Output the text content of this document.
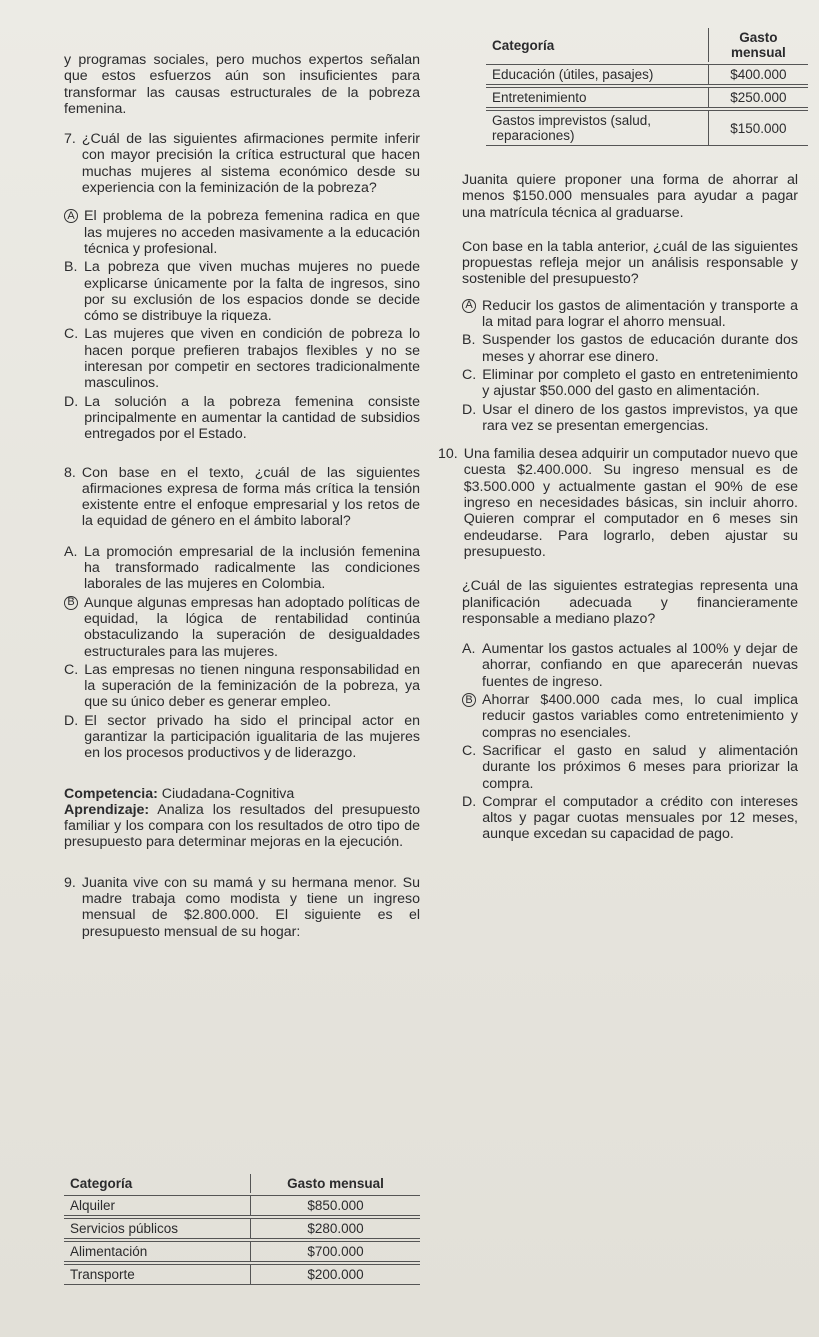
y programas sociales, pero muchos expertos señalan que estos esfuerzos aún son insuficientes para transformar las causas estructurales de la pobreza femenina.

7. ¿Cuál de las siguientes afirmaciones permite inferir con mayor precisión la crítica estructural que hacen muchas mujeres al sistema económico desde su experiencia con la feminización de la pobreza?

A El problema de la pobreza femenina radica en que las mujeres no acceden masivamente a la educación técnica y profesional.
B. La pobreza que viven muchas mujeres no puede explicarse únicamente por la falta de ingresos, sino por su exclusión de los espacios donde se decide cómo se distribuye la riqueza.
C. Las mujeres que viven en condición de pobreza lo hacen porque prefieren trabajos flexibles y no se interesan por competir en sectores tradicionalmente masculinos.
D. La solución a la pobreza femenina consiste principalmente en aumentar la cantidad de subsidios entregados por el Estado.
8. Con base en el texto, ¿cuál de las siguientes afirmaciones expresa de forma más crítica la tensión existente entre el enfoque empresarial y los retos de la equidad de género en el ámbito laboral?

A. La promoción empresarial de la inclusión femenina ha transformado radicalmente las condiciones laborales de las mujeres en Colombia.
B Aunque algunas empresas han adoptado políticas de equidad, la lógica de rentabilidad continúa obstaculizando la superación de desigualdades estructurales para las mujeres.
C. Las empresas no tienen ninguna responsabilidad en la superación de la feminización de la pobreza, ya que su único deber es generar empleo.
D. El sector privado ha sido el principal actor en garantizar la participación igualitaria de las mujeres en los procesos productivos y de liderazgo.

Competencia: Ciudadana-Cognitiva

Aprendizaje: Analiza los resultados del presupuesto familiar y los compara con los resultados de otro tipo de presupuesto para determinar mejoras en la ejecución.

9. Juanita vive con su mamá y su hermana menor. Su madre trabaja como modista y tiene un ingreso mensual de $2.800.000. El siguiente es el presupuesto mensual de su hogar:

Categoría	Gasto mensual
Alquiler	$850.000
Servicios públicos	$280.000
Alimentación	$700.000
Transporte	$200.000
Categoría	Gasto mensual
Educación (útiles, pasajes)	$400.000
Entretenimiento	$250.000
Gastos imprevistos (salud, reparaciones)	$150.000

Juanita quiere proponer una forma de ahorrar al menos $150.000 mensuales para ayudar a pagar una matrícula técnica al graduarse.

Con base en la tabla anterior, ¿cuál de las siguientes propuestas refleja mejor un análisis responsable y sostenible del presupuesto?

A Reducir los gastos de alimentación y transporte a la mitad para lograr el ahorro mensual.
B. Suspender los gastos de educación durante dos meses y ahorrar ese dinero.
C. Eliminar por completo el gasto en entretenimiento y ajustar $50.000 del gasto en alimentación.
D. Usar el dinero de los gastos imprevistos, ya que rara vez se presentan emergencias.
10. Una familia desea adquirir un computador nuevo que cuesta $2.400.000. Su ingreso mensual es de $3.500.000 y actualmente gastan el 90% de ese ingreso en necesidades básicas, sin incluir ahorro. Quieren comprar el computador en 6 meses sin endeudarse. Para lograrlo, deben ajustar su presupuesto.

¿Cuál de las siguientes estrategias representa una planificación adecuada y financieramente responsable a mediano plazo?

A. Aumentar los gastos actuales al 100% y dejar de ahorrar, confiando en que aparecerán nuevas fuentes de ingreso.
B Ahorrar $400.000 cada mes, lo cual implica reducir gastos variables como entretenimiento y compras no esenciales.
C. Sacrificar el gasto en salud y alimentación durante los próximos 6 meses para priorizar la compra.
D. Comprar el computador a crédito con intereses altos y pagar cuotas mensuales por 12 meses, aunque excedan su capacidad de pago.
